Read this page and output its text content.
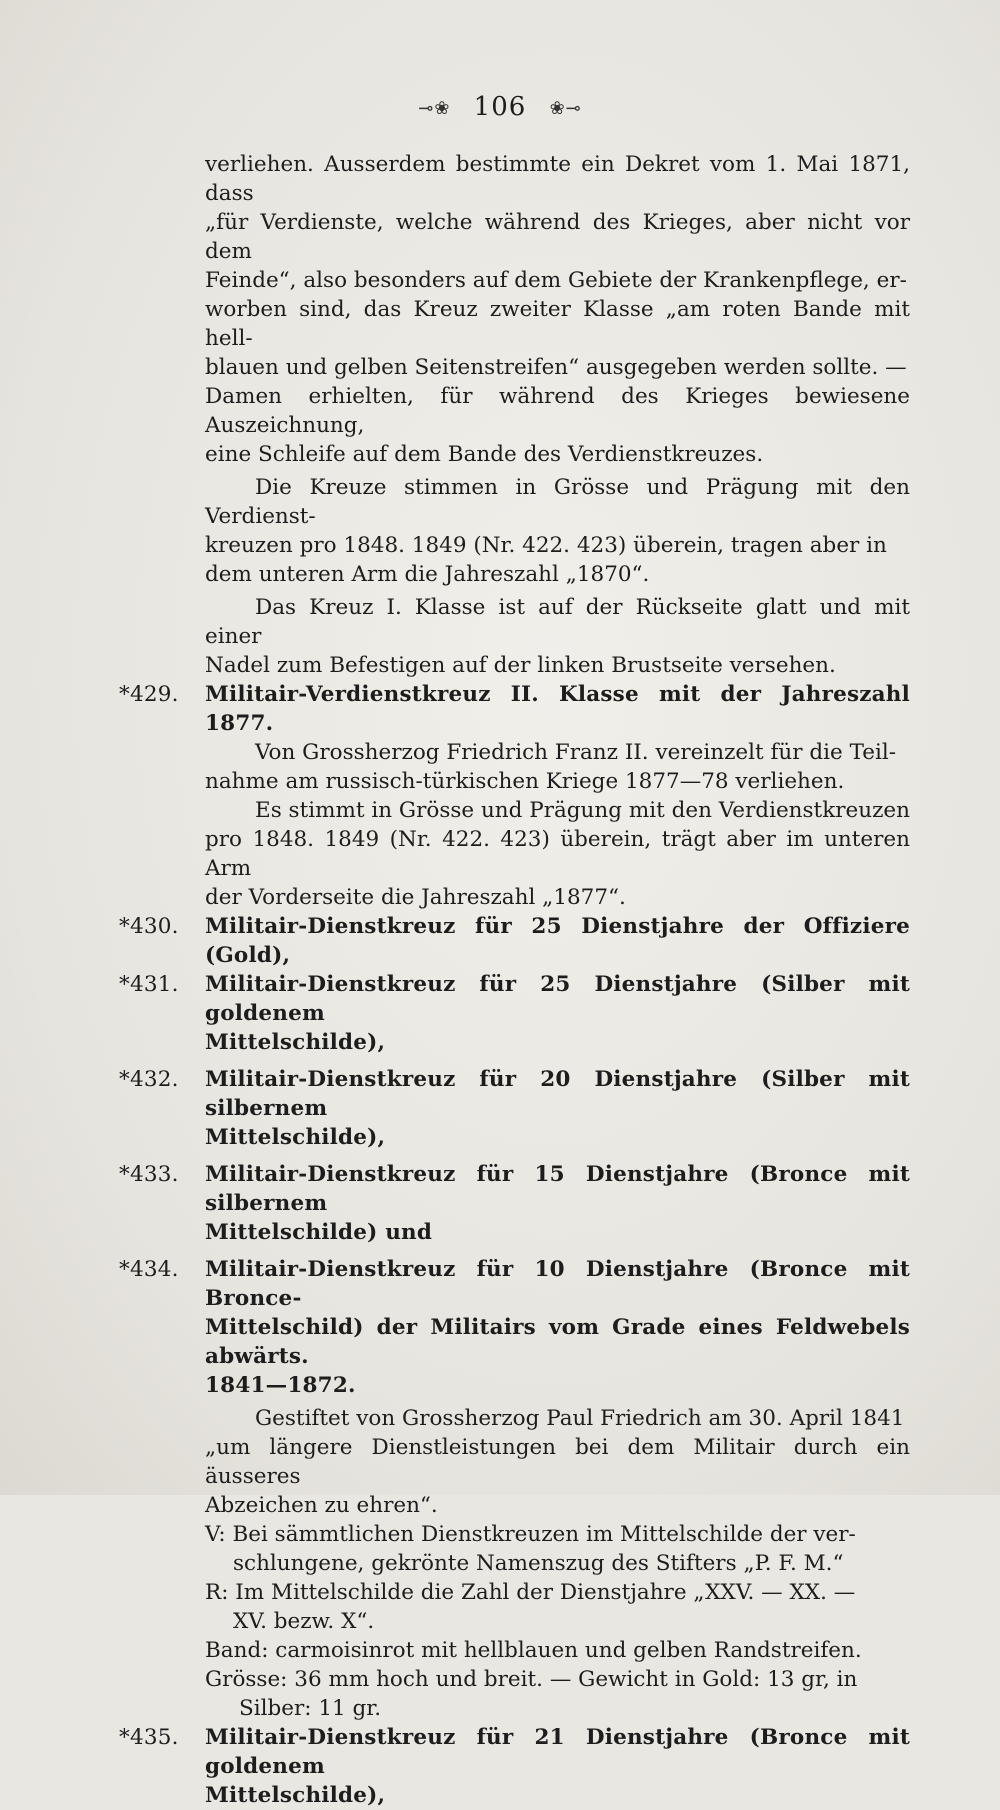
⊸❀ 106 ❀⊸

verliehen. Ausserdem bestimmte ein Dekret vom 1. Mai 1871, dass
„für Verdienste, welche während des Krieges, aber nicht vor dem
Feinde“, also besonders auf dem Gebiete der Krankenpflege, er-
worben sind, das Kreuz zweiter Klasse „am roten Bande mit hell-
blauen und gelben Seitenstreifen“ ausgegeben werden sollte. —
Damen erhielten, für während des Krieges bewiesene Auszeichnung,
eine Schleife auf dem Bande des Verdienstkreuzes.

Die Kreuze stimmen in Grösse und Prägung mit den Verdienst-
kreuzen pro 1848. 1849 (Nr. 422. 423) überein, tragen aber in
dem unteren Arm die Jahreszahl „1870“.

Das Kreuz I. Klasse ist auf der Rückseite glatt und mit einer
Nadel zum Befestigen auf der linken Brustseite versehen.

*429.	Militair-Verdienstkreuz II. Klasse mit der Jahreszahl 1877.

Von Grossherzog Friedrich Franz II. vereinzelt für die Teil-
nahme am russisch-türkischen Kriege 1877—78 verliehen.

Es stimmt in Grösse und Prägung mit den Verdienstkreuzen
pro 1848. 1849 (Nr. 422. 423) überein, trägt aber im unteren Arm
der Vorderseite die Jahreszahl „1877“.

*430.	Militair-Dienstkreuz für 25 Dienstjahre der Offiziere (Gold),

*431.	Militair-Dienstkreuz für 25 Dienstjahre (Silber mit goldenem
Mittelschilde),

*432.	Militair-Dienstkreuz für 20 Dienstjahre (Silber mit silbernem
Mittelschilde),

*433.	Militair-Dienstkreuz für 15 Dienstjahre (Bronce mit silbernem
Mittelschilde) und

*434.	Militair-Dienstkreuz für 10 Dienstjahre (Bronce mit Bronce-
Mittelschild) der Militairs vom Grade eines Feldwebels abwärts.
1841—1872.

Gestiftet von Grossherzog Paul Friedrich am 30. April 1841
„um längere Dienstleistungen bei dem Militair durch ein äusseres
Abzeichen zu ehren“.

V: Bei sämmtlichen Dienstkreuzen im Mittelschilde der ver-
schlungene, gekrönte Namenszug des Stifters „P. F. M.“

R: Im Mittelschilde die Zahl der Dienstjahre „XXV. — XX. —
XV. bezw. X“.

Band: carmoisinrot mit hellblauen und gelben Randstreifen.
Grösse: 36 mm hoch und breit. — Gewicht in Gold: 13 gr, in

Silber: 11 gr.

*435.	Militair-Dienstkreuz für 21 Dienstjahre (Bronce mit goldenem
Mittelschilde),
